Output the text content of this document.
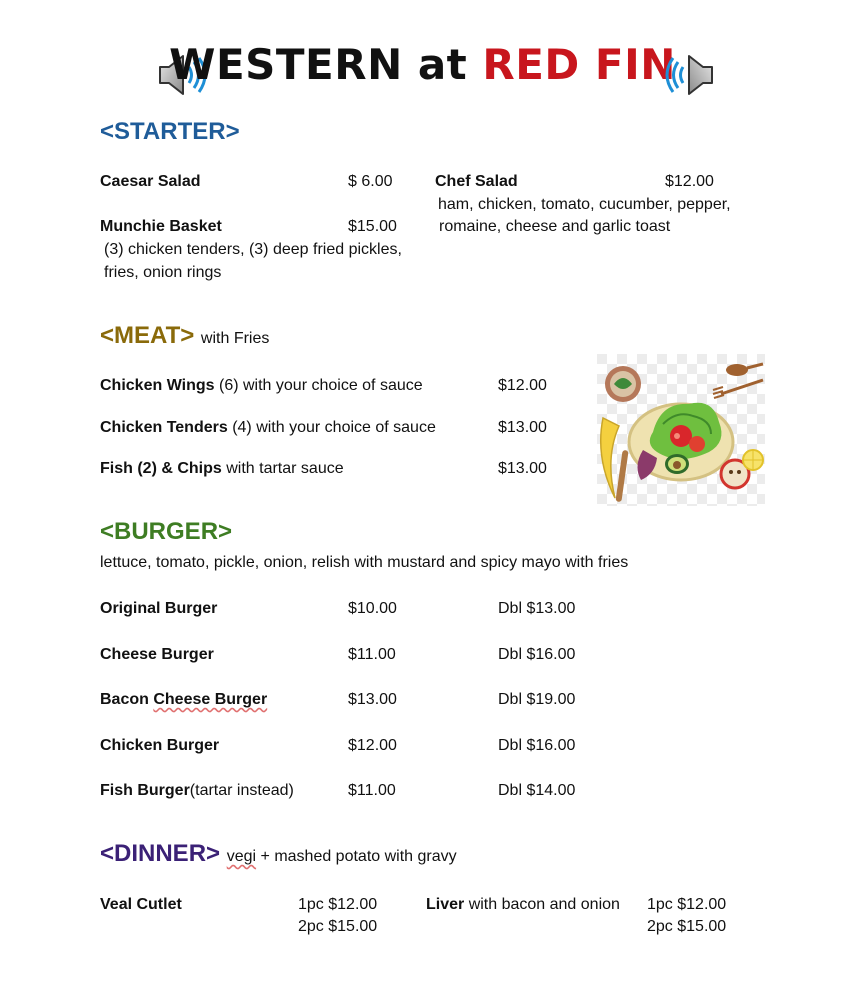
WESTERN at RED FIN
<STARTER>
Caesar Salad	$ 6.00
Munchie Basket	$15.00
(3) chicken tenders, (3) deep fried pickles,
fries, onion rings
Chef Salad	$12.00
ham, chicken, tomato, cucumber, pepper,
romaine, cheese and garlic toast
<MEAT> with Fries
Chicken Wings (6) with your choice of sauce	$12.00
Chicken Tenders (4) with your choice of sauce	$13.00
Fish (2) & Chips with tartar sauce	$13.00
<BURGER>
lettuce, tomato, pickle, onion, relish with mustard and spicy mayo with fries
Original Burger	$10.00	Dbl $13.00
Cheese Burger	$11.00	Dbl $16.00
Bacon Cheese Burger	$13.00	Dbl $19.00
Chicken Burger	$12.00	Dbl $16.00
Fish Burger(tartar instead)	$11.00	Dbl $14.00
<DINNER> vegi + mashed potato with gravy
Veal Cutlet	1pc $12.00
2pc $15.00
Liver with bacon and onion 1pc $12.00
2pc $15.00
